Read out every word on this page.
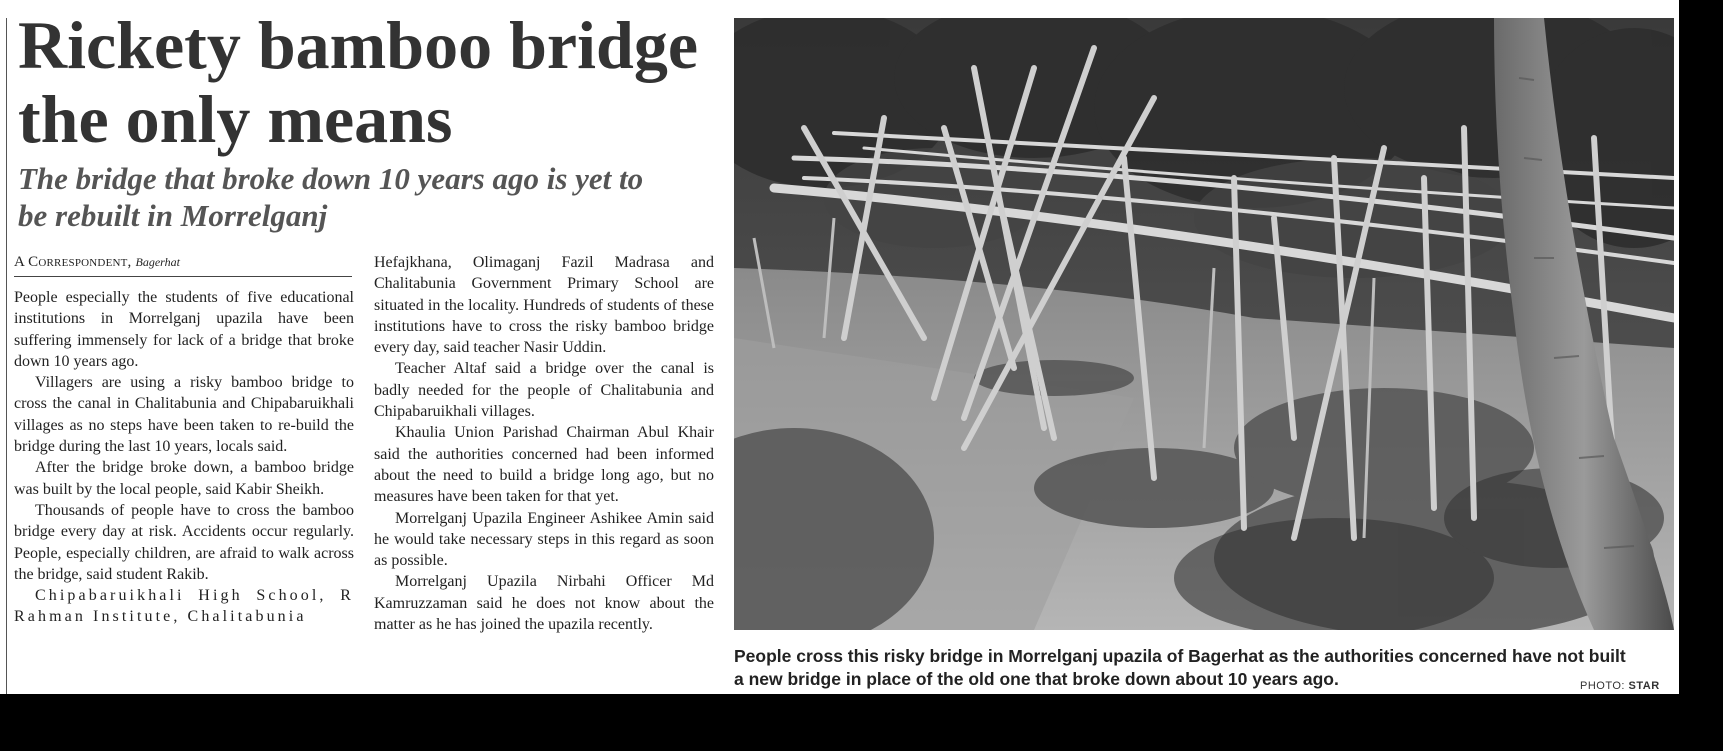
Rickety bamboo bridge
the only means
The bridge that broke down 10 years ago is yet to
be rebuilt in Morrelganj
A Correspondent, Bagerhat

People especially the students of five educational institutions in Morrelganj upazila have been suffering immensely for lack of a bridge that broke down 10 years ago.

Villagers are using a risky bamboo bridge to cross the canal in Chalitabunia and Chipabaruikhali villages as no steps have been taken to re-build the bridge during the last 10 years, locals said.

After the bridge broke down, a bamboo bridge was built by the local people, said Kabir Sheikh.

Thousands of people have to cross the bamboo bridge every day at risk. Accidents occur regularly. People, especially children, are afraid to walk across the bridge, said student Rakib.

Chipabaruikhali High School, R Rahman Institute, Chalitabunia

Hefajkhana, Olimaganj Fazil Madrasa and Chalitabunia Government Primary School are situated in the locality. Hundreds of students of these institutions have to cross the risky bamboo bridge every day, said teacher Nasir Uddin.

Teacher Altaf said a bridge over the canal is badly needed for the people of Chalitabunia and Chipabaruikhali villages.

Khaulia Union Parishad Chairman Abul Khair said the authorities concerned had been informed about the need to build a bridge long ago, but no measures have been taken for that yet.

Morrelganj Upazila Engineer Ashikee Amin said he would take necessary steps in this regard as soon as possible.

Morrelganj Upazila Nirbahi Officer Md Kamruzzaman said he does not know about the matter as he has joined the upazila recently.

People cross this risky bridge in Morrelganj upazila of Bagerhat as the authorities concerned have not built a new bridge in place of the old one that broke down about 10 years ago.	PHOTO: STAR
